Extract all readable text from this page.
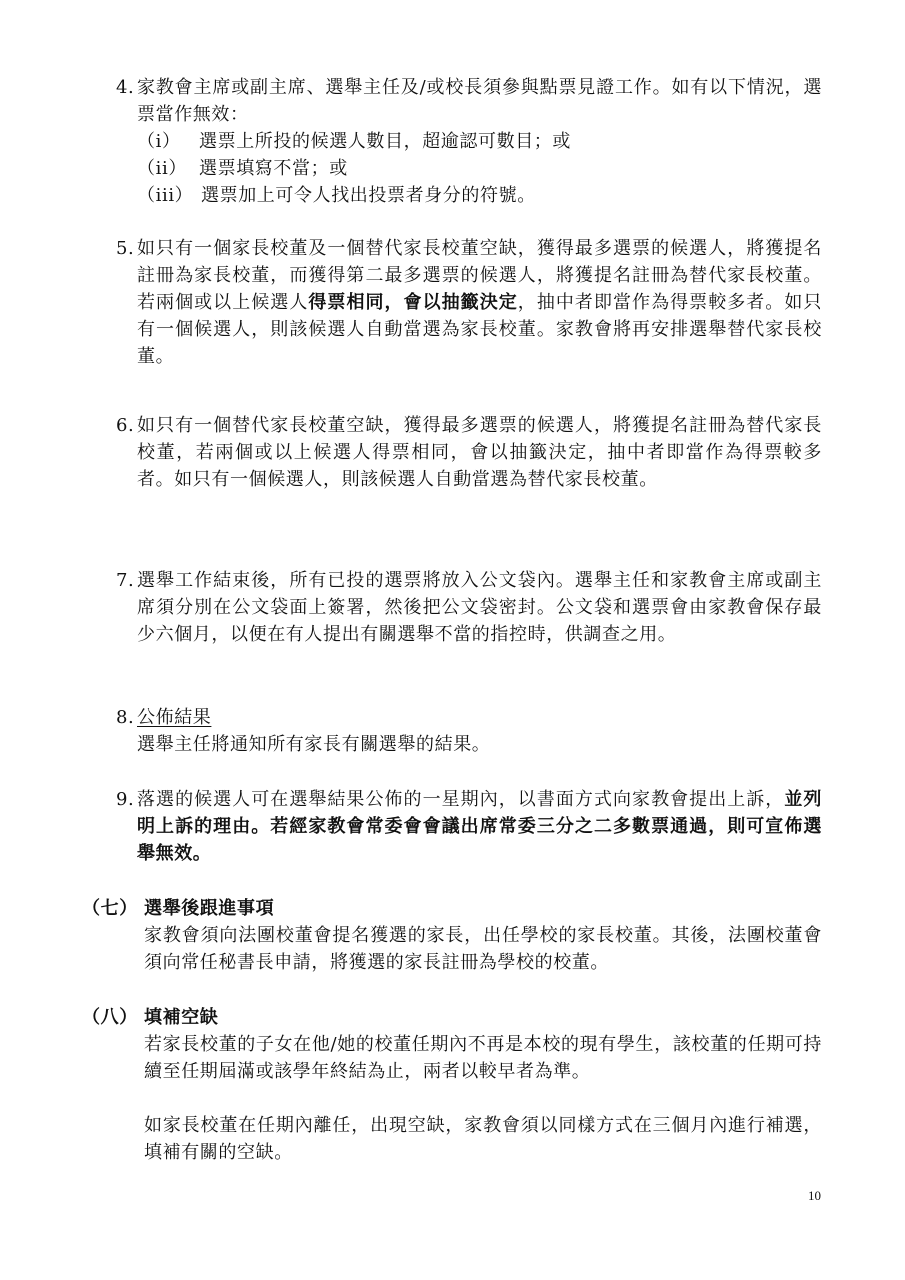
4. 家教會主席或副主席、選舉主任及/或校長須參與點票見證工作。如有以下情況，選票當作無效：
（i）	選票上所投的候選人數目，超逾認可數目；或
（ii） 選票填寫不當；或
（iii） 選票加上可令人找出投票者身分的符號。
5. 如只有一個家長校董及一個替代家長校董空缺，獲得最多選票的候選人，將獲提名註冊為家長校董，而獲得第二最多選票的候選人，將獲提名註冊為替代家長校董。若兩個或以上候選人得票相同，會以抽籤決定，抽中者即當作為得票較多者。如只有一個候選人，則該候選人自動當選為家長校董。家教會將再安排選舉替代家長校董。
6. 如只有一個替代家長校董空缺，獲得最多選票的候選人，將獲提名註冊為替代家長校董，若兩個或以上候選人得票相同，會以抽籤決定，抽中者即當作為得票較多者。如只有一個候選人，則該候選人自動當選為替代家長校董。
7. 選舉工作結束後，所有已投的選票將放入公文袋內。選舉主任和家教會主席或副主席須分別在公文袋面上簽署，然後把公文袋密封。公文袋和選票會由家教會保存最少六個月，以便在有人提出有關選舉不當的指控時，供調查之用。
8. 公佈結果
選舉主任將通知所有家長有關選舉的結果。
9. 落選的候選人可在選舉結果公佈的一星期內，以書面方式向家教會提出上訴，並列明上訴的理由。若經家教會常委會會議出席常委三分之二多數票通過，則可宣佈選舉無效。
（七） 選舉後跟進事項
家教會須向法團校董會提名獲選的家長，出任學校的家長校董。其後，法團校董會須向常任秘書長申請，將獲選的家長註冊為學校的校董。
（八） 填補空缺
若家長校董的子女在他/她的校董任期內不再是本校的現有學生，該校董的任期可持續至任期屆滿或該學年終結為止，兩者以較早者為準。
如家長校董在任期內離任，出現空缺，家教會須以同樣方式在三個月內進行補選，填補有關的空缺。
10
